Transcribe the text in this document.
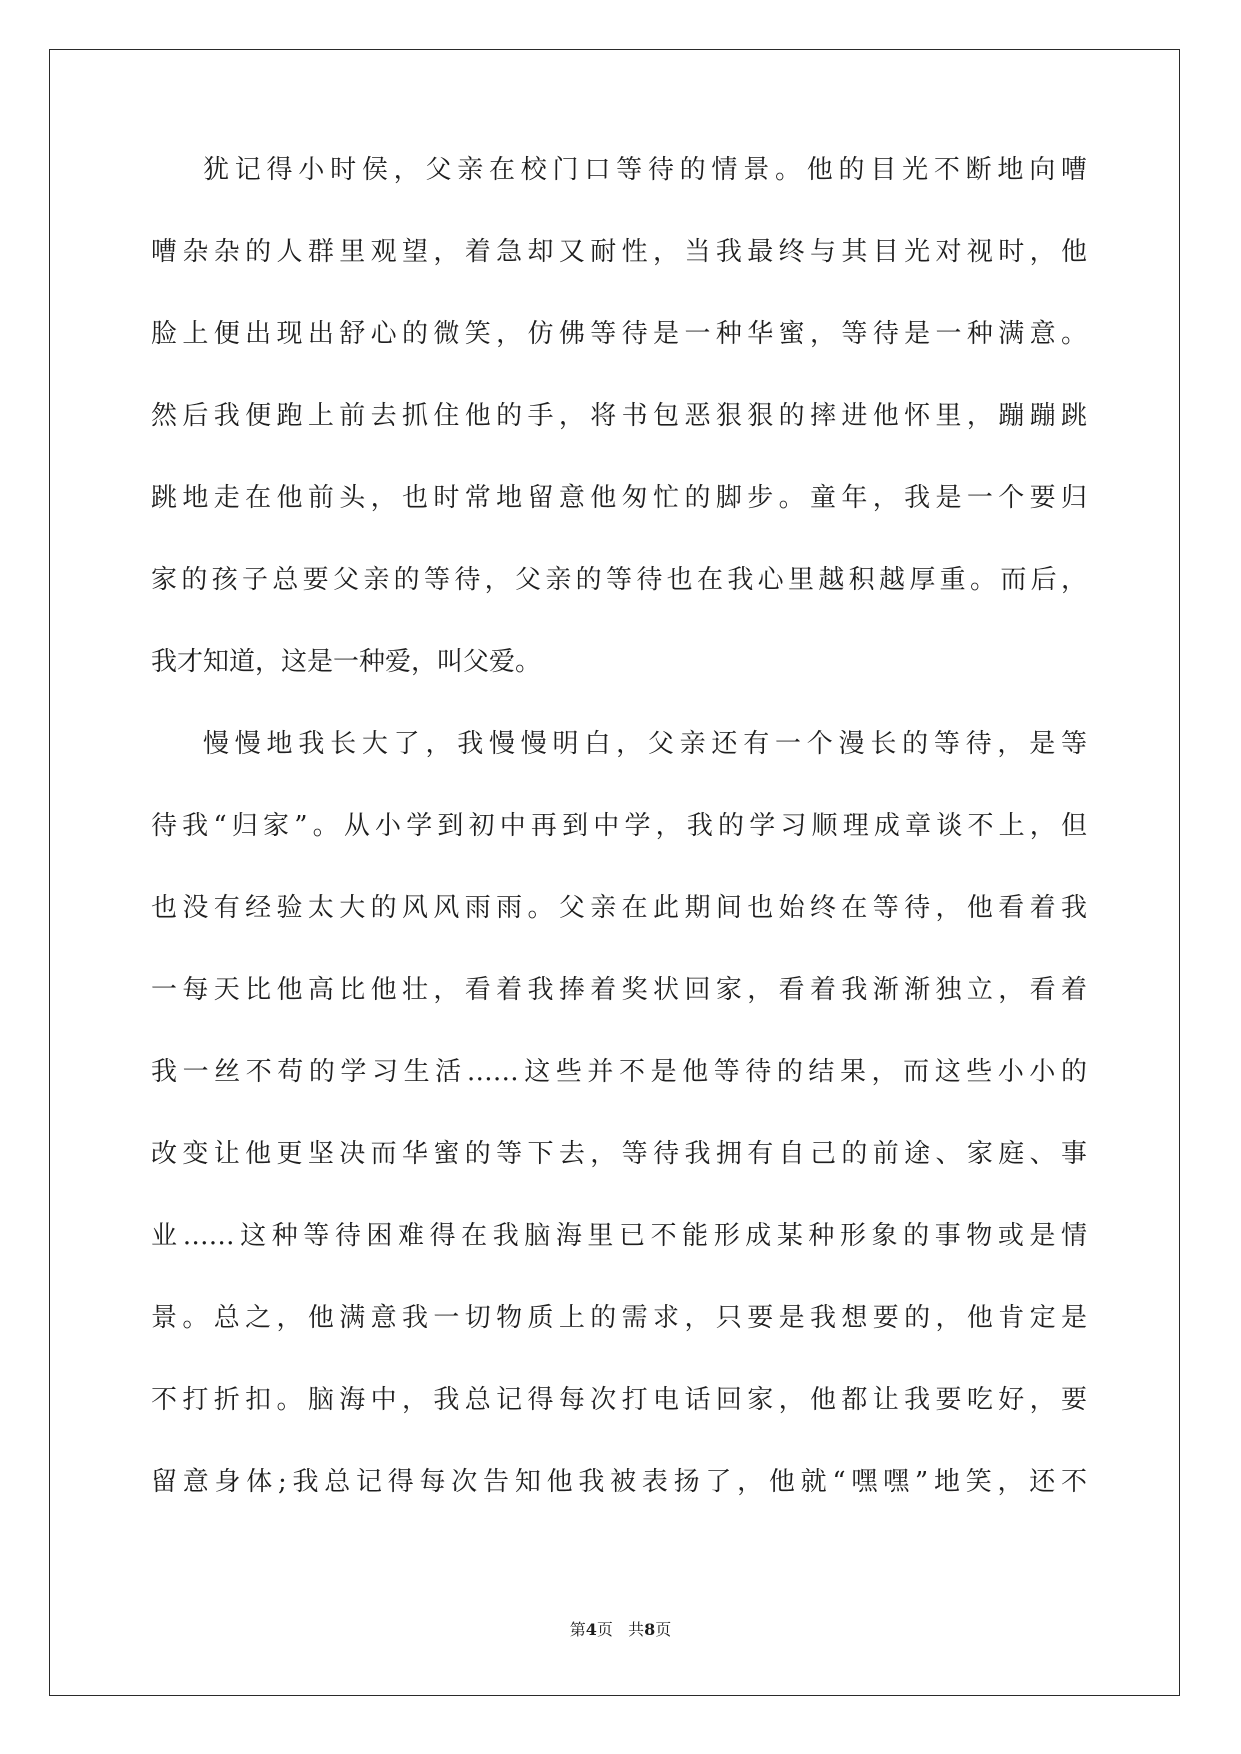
犹记得小时侯，父亲在校门口等待的情景。他的目光不断地向嘈
嘈杂杂的人群里观望，着急却又耐性，当我最终与其目光对视时，他
脸上便出现出舒心的微笑，仿佛等待是一种华蜜，等待是一种满意。
然后我便跑上前去抓住他的手，将书包恶狠狠的摔进他怀里，蹦蹦跳
跳地走在他前头，也时常地留意他匆忙的脚步。童年，我是一个要归
家的孩子总要父亲的等待，父亲的等待也在我心里越积越厚重。而后，
我才知道，这是一种爱，叫父爱。
慢慢地我长大了，我慢慢明白，父亲还有一个漫长的等待，是等
待我“归家”。从小学到初中再到中学，我的学习顺理成章谈不上，但
也没有经验太大的风风雨雨。父亲在此期间也始终在等待，他看着我
一每天比他高比他壮，看着我捧着奖状回家，看着我渐渐独立，看着
我一丝不苟的学习生活……这些并不是他等待的结果，而这些小小的
改变让他更坚决而华蜜的等下去，等待我拥有自己的前途、家庭、事
业……这种等待困难得在我脑海里已不能形成某种形象的事物或是情
景。总之，他满意我一切物质上的需求，只要是我想要的，他肯定是
不打折扣。脑海中，我总记得每次打电话回家，他都让我要吃好，要
留意身体;我总记得每次告知他我被表扬了，他就“嘿嘿”地笑，还不
第4页 共8页
